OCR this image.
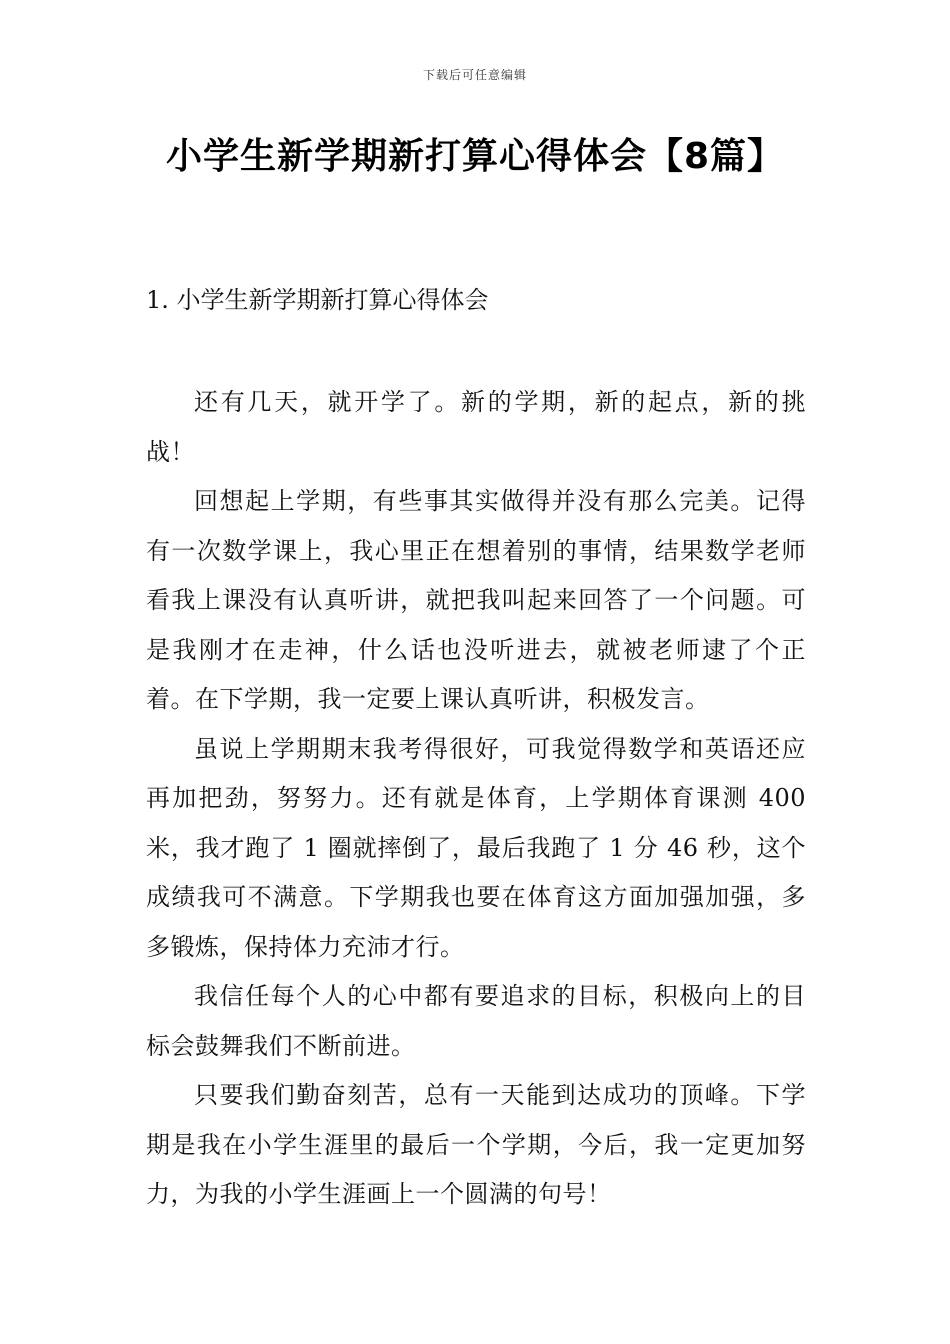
下载后可任意编辑
小学生新学期新打算心得体会【8篇】
1. 小学生新学期新打算心得体会

还有几天，就开学了。新的学期，新的起点，新的挑战！

回想起上学期，有些事其实做得并没有那么完美。记得有一次数学课上，我心里正在想着别的事情，结果数学老师看我上课没有认真听讲，就把我叫起来回答了一个问题。可是我刚才在走神，什么话也没听进去，就被老师逮了个正着。在下学期，我一定要上课认真听讲，积极发言。

虽说上学期期末我考得很好，可我觉得数学和英语还应再加把劲，努努力。还有就是体育，上学期体育课测 400 米，我才跑了 1 圈就摔倒了，最后我跑了 1 分 46 秒，这个成绩我可不满意。下学期我也要在体育这方面加强加强，多多锻炼，保持体力充沛才行。

我信任每个人的心中都有要追求的目标，积极向上的目标会鼓舞我们不断前进。

只要我们勤奋刻苦，总有一天能到达成功的顶峰。下学期是我在小学生涯里的最后一个学期，今后，我一定更加努力，为我的小学生涯画上一个圆满的句号！
